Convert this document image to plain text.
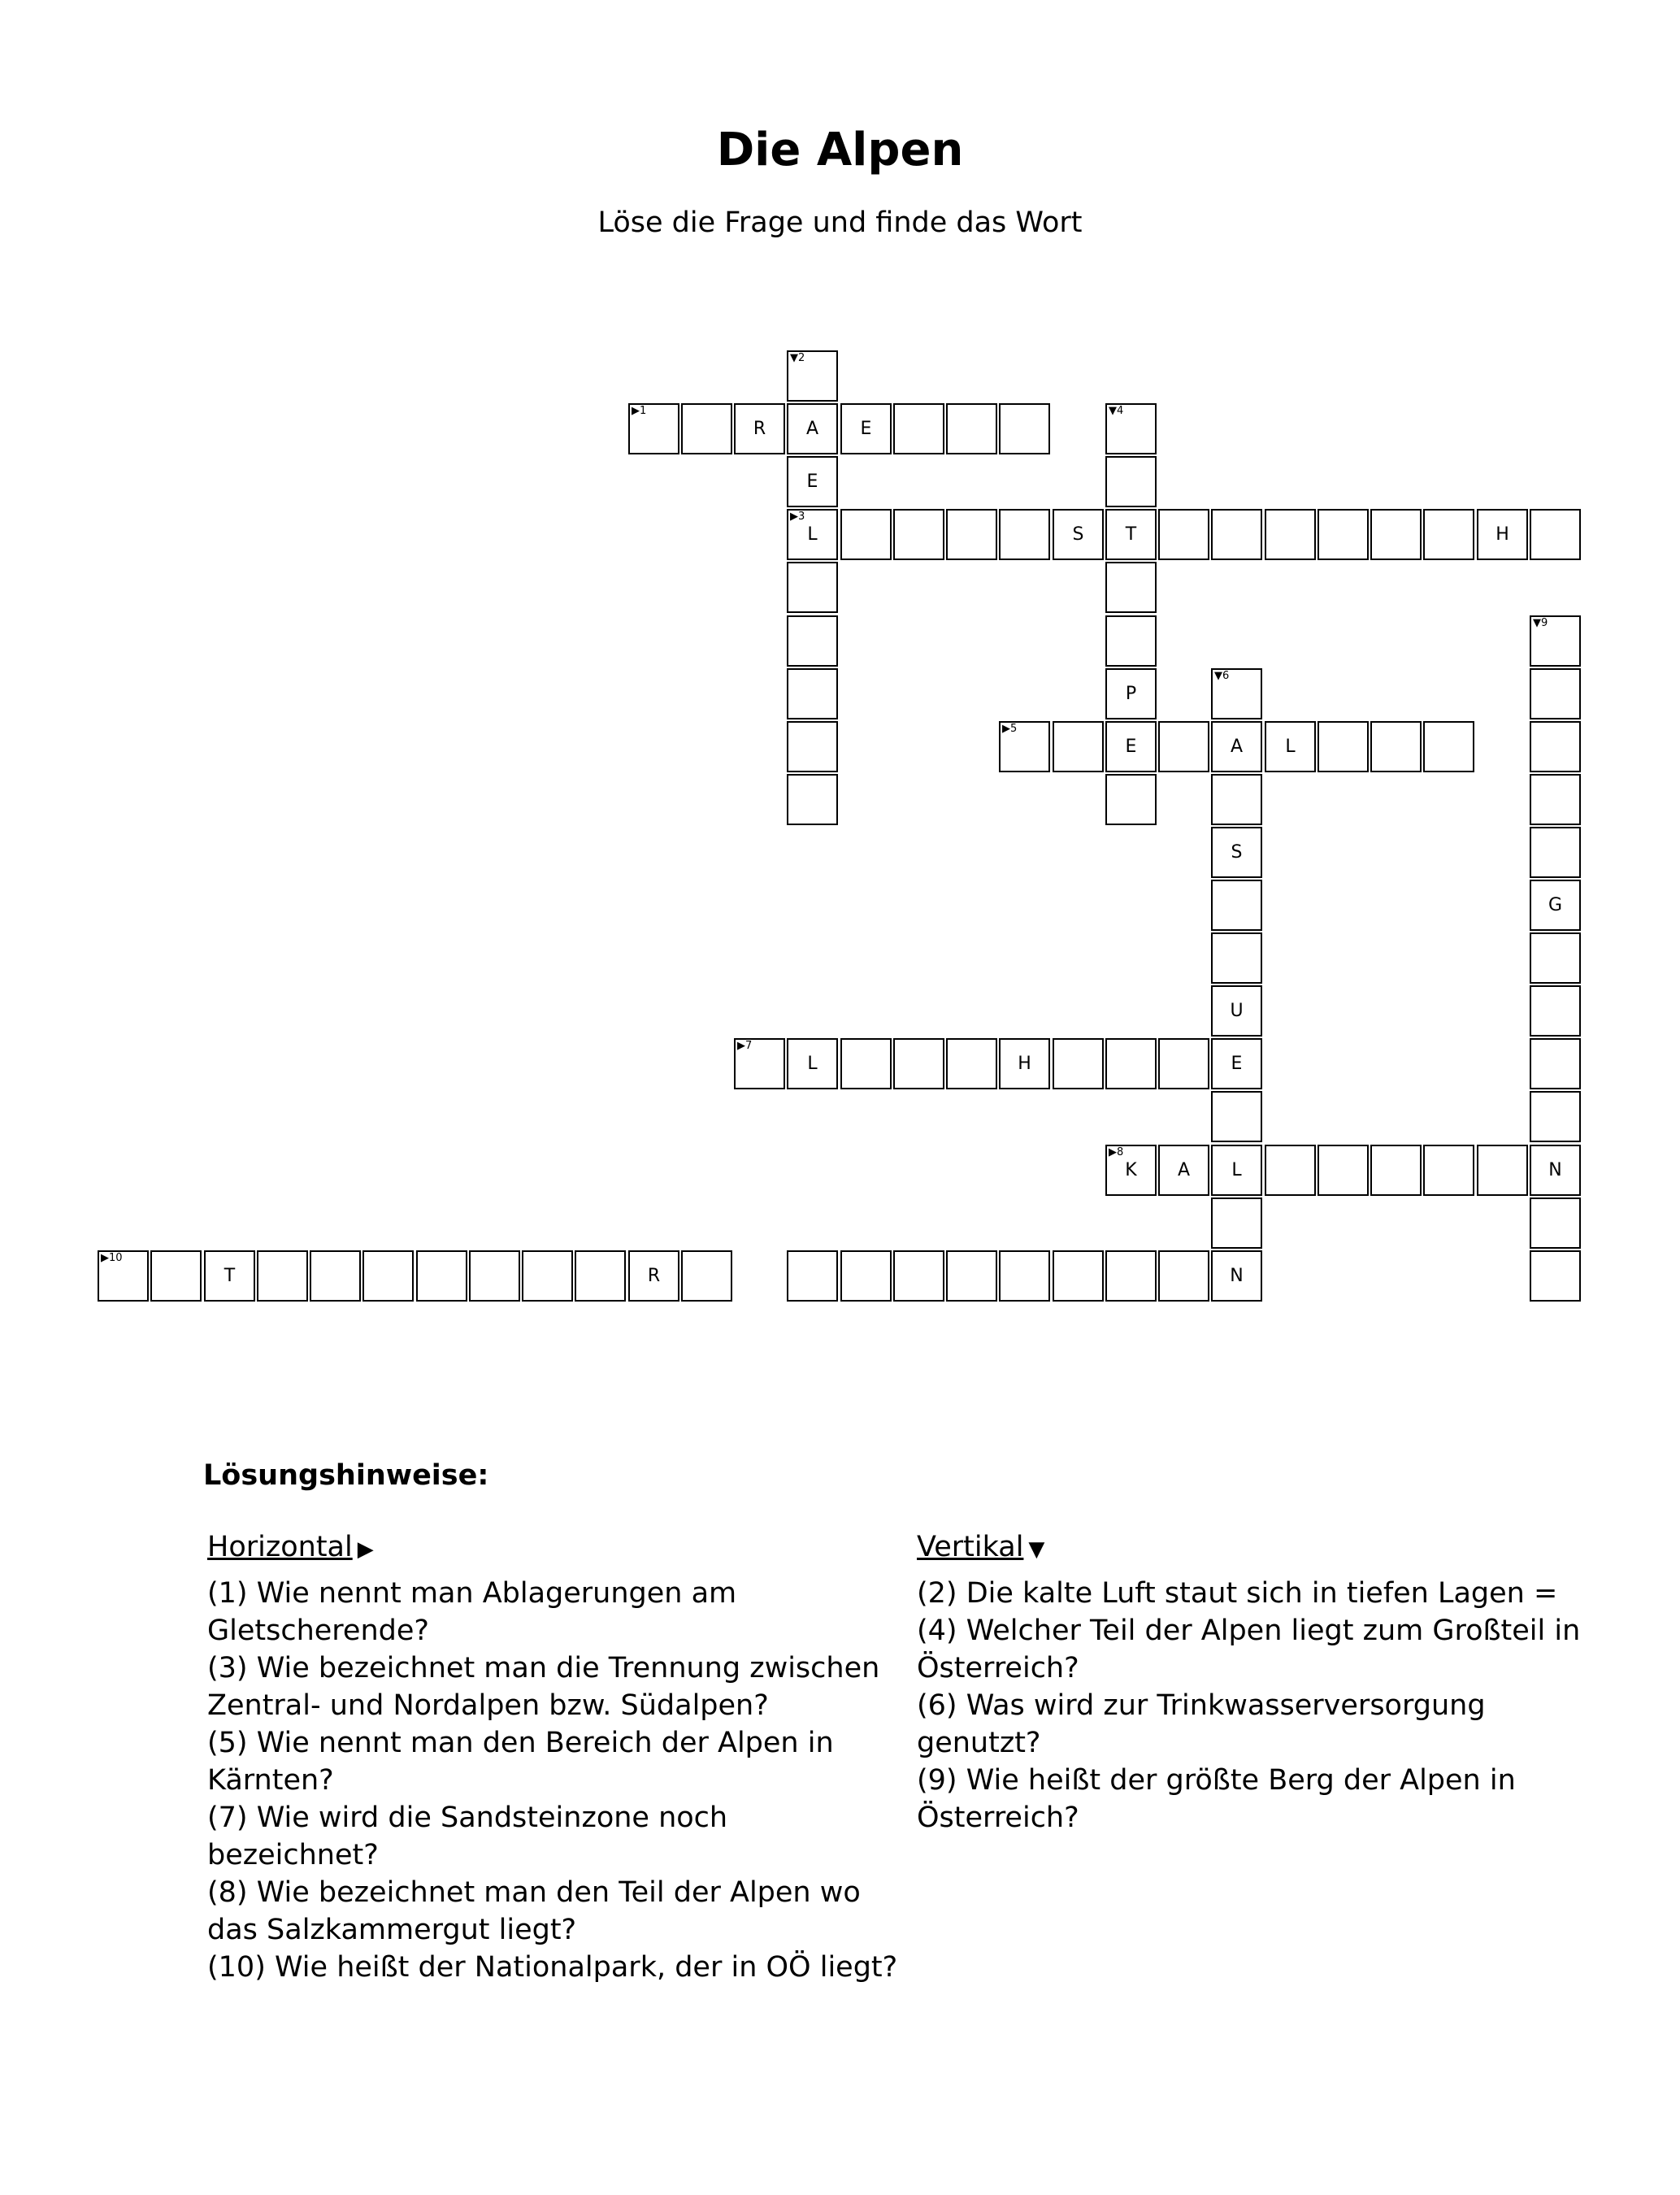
Die Alpen
Löse die Frage und finde das Wort
▼2
▶1
R	A	E
▼4
E
▶3
L	S	T	H
▼9
P
▼6
▶5
E	A	L
S
G
U
▶7
L	H	E
▶8
K	A	L	N
▶10
T	R	N
Lösungshinweise:
Horizontal ▶

(1) Wie nennt man Ablagerungen am Gletscherende?

(3) Wie bezeichnet man die Trennung zwischen Zentral- und Nordalpen bzw. Südalpen?

(5) Wie nennt man den Bereich der Alpen in Kärnten?

(7) Wie wird die Sandsteinzone noch bezeichnet?

(8) Wie bezeichnet man den Teil der Alpen wo das Salzkammergut liegt?

(10) Wie heißt der Nationalpark, der in OÖ liegt?

Vertikal ▼

(2) Die kalte Luft staut sich in tiefen Lagen =

(4) Welcher Teil der Alpen liegt zum Großteil in Österreich?

(6) Was wird zur Trinkwasserversorgung genutzt?

(9) Wie heißt der größte Berg der Alpen in Österreich?
